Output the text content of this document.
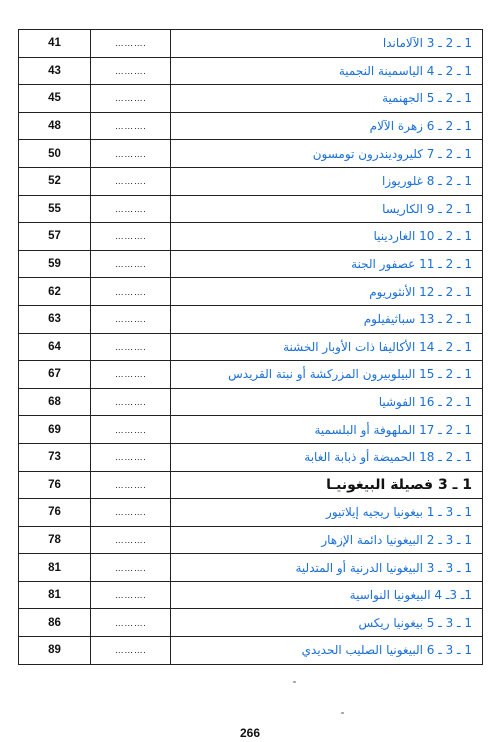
41	……….	1 ـ 2 ـ 3 الآلاماندا
43	……….	1 ـ 2 ـ 4 الياسمينة النجمية
45	……….	1 ـ 2 ـ 5 الجهنمية
48	……….	1 ـ 2 ـ 6 زهرة الآلام
50	……….	1 ـ 2 ـ 7 كليروديندرون تومسون
52	……….	1 ـ 2 ـ 8 غلوريوزا
55	……….	1 ـ 2 ـ 9 الكاريسا
57	……….	1 ـ 2 ـ 10 الغاردينيا
59	……….	1 ـ 2 ـ 11 عصفور الجنة
62	……….	1 ـ 2 ـ 12 الأنثوريوم
63	……….	1 ـ 2 ـ 13 سباثيفيلوم
64	……….	1 ـ 2 ـ 14 الأكاليفا ذات الأوبار الخشنة
67	……….	1 ـ 2 ـ 15 البيلوبيرون المزركشة أو نبتة القريدس
68	……….	1 ـ 2 ـ 16 الفوشيا
69	……….	1 ـ 2 ـ 17 الملهوفة أو البلسمية
73	……….	1 ـ 2 ـ 18 الحميضة أو ذبابة الغابة
76	……….	1 ـ 3 فصيلة البيغونيـا
76	……….	1 ـ 3 ـ 1 بيغونيا ريجيه إيلاتيور
78	……….	1 ـ 3 ـ 2 البيغونيا دائمة الإزهار
81	……….	1 ـ 3 ـ 3 البيغونيا الدرنية أو المتدلية
81	……….	1ـ 3ـ 4 البيغونيا النواسية
86	……….	1 ـ 3 ـ 5 بيغونيا ريكس
89	……….	1 ـ 3 ـ 6 البيغونيا الصليب الحديدي
266
